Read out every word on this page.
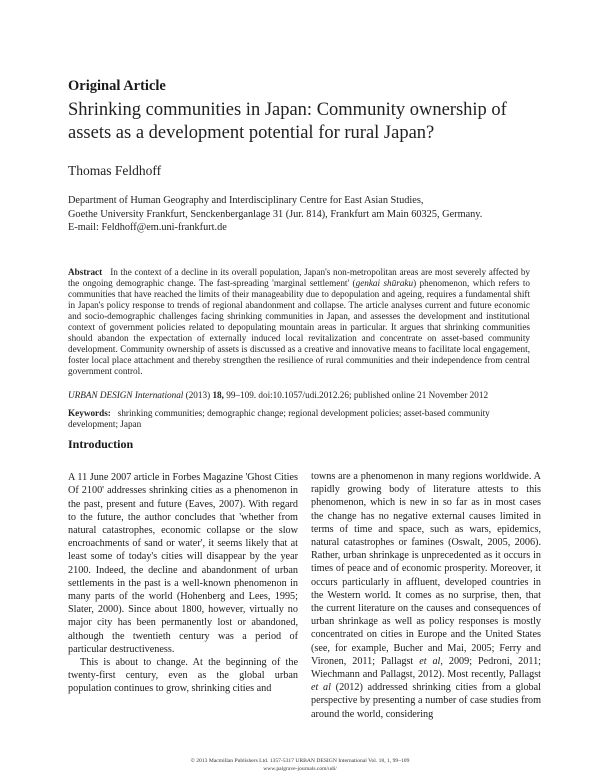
Original Article
Shrinking communities in Japan: Community ownership of assets as a development potential for rural Japan?
Thomas Feldhoff
Department of Human Geography and Interdisciplinary Centre for East Asian Studies,
Goethe University Frankfurt, Senckenberganlage 31 (Jur. 814), Frankfurt am Main 60325, Germany.
E-mail: Feldhoff@em.uni-frankfurt.de
Abstract In the context of a decline in its overall population, Japan's non-metropolitan areas are most severely affected by the ongoing demographic change. The fast-spreading 'marginal settlement' (genkai shūraku) phenomenon, which refers to communities that have reached the limits of their manageability due to depopulation and ageing, requires a fundamental shift in Japan's policy response to trends of regional abandonment and collapse. The article analyses current and future economic and socio-demographic challenges facing shrinking communities in Japan, and assesses the development and institutional context of government policies related to depopulating mountain areas in particular. It argues that shrinking communities should abandon the expectation of externally induced local revitalization and concentrate on asset-based community development. Community ownership of assets is discussed as a creative and innovative means to facilitate local engagement, foster local place attachment and thereby strengthen the resilience of rural communities and their independence from central government control.
URBAN DESIGN International (2013) 18, 99–109. doi:10.1057/udi.2012.26; published online 21 November 2012
Keywords: shrinking communities; demographic change; regional development policies; asset-based community development; Japan
Introduction

A 11 June 2007 article in Forbes Magazine 'Ghost Cities Of 2100' addresses shrinking cities as a phenomenon in the past, present and future (Eaves, 2007). With regard to the future, the author concludes that 'whether from natural catastrophes, economic collapse or the slow encroachments of sand or water', it seems likely that at least some of today's cities will disappear by the year 2100. Indeed, the decline and abandonment of urban settlements in the past is a well-known phenomenon in many parts of the world (Hohenberg and Lees, 1995; Slater, 2000). Since about 1800, however, virtually no major city has been permanently lost or abandoned, although the twentieth century was a period of particular destructiveness.

This is about to change. At the beginning of the twenty-first century, even as the global urban population continues to grow, shrinking cities and

towns are a phenomenon in many regions worldwide. A rapidly growing body of literature attests to this phenomenon, which is new in so far as in most cases the change has no negative external causes limited in terms of time and space, such as wars, epidemics, natural catastrophes or famines (Oswalt, 2005, 2006). Rather, urban shrinkage is unprecedented as it occurs in times of peace and of economic prosperity. Moreover, it occurs particularly in affluent, developed countries in the Western world. It comes as no surprise, then, that the current literature on the causes and consequences of urban shrinkage as well as policy responses is mostly concentrated on cities in Europe and the United States (see, for example, Bucher and Mai, 2005; Ferry and Vironen, 2011; Pallagst et al, 2009; Pedroni, 2011; Wiechmann and Pallagst, 2012). Most recently, Pallagst et al (2012) addressed shrinking cities from a global perspective by presenting a number of case studies from around the world, considering

© 2013 Macmillan Publishers Ltd. 1357-5317 URBAN DESIGN International Vol. 18, 1, 99–109
www.palgrave-journals.com/udi/
